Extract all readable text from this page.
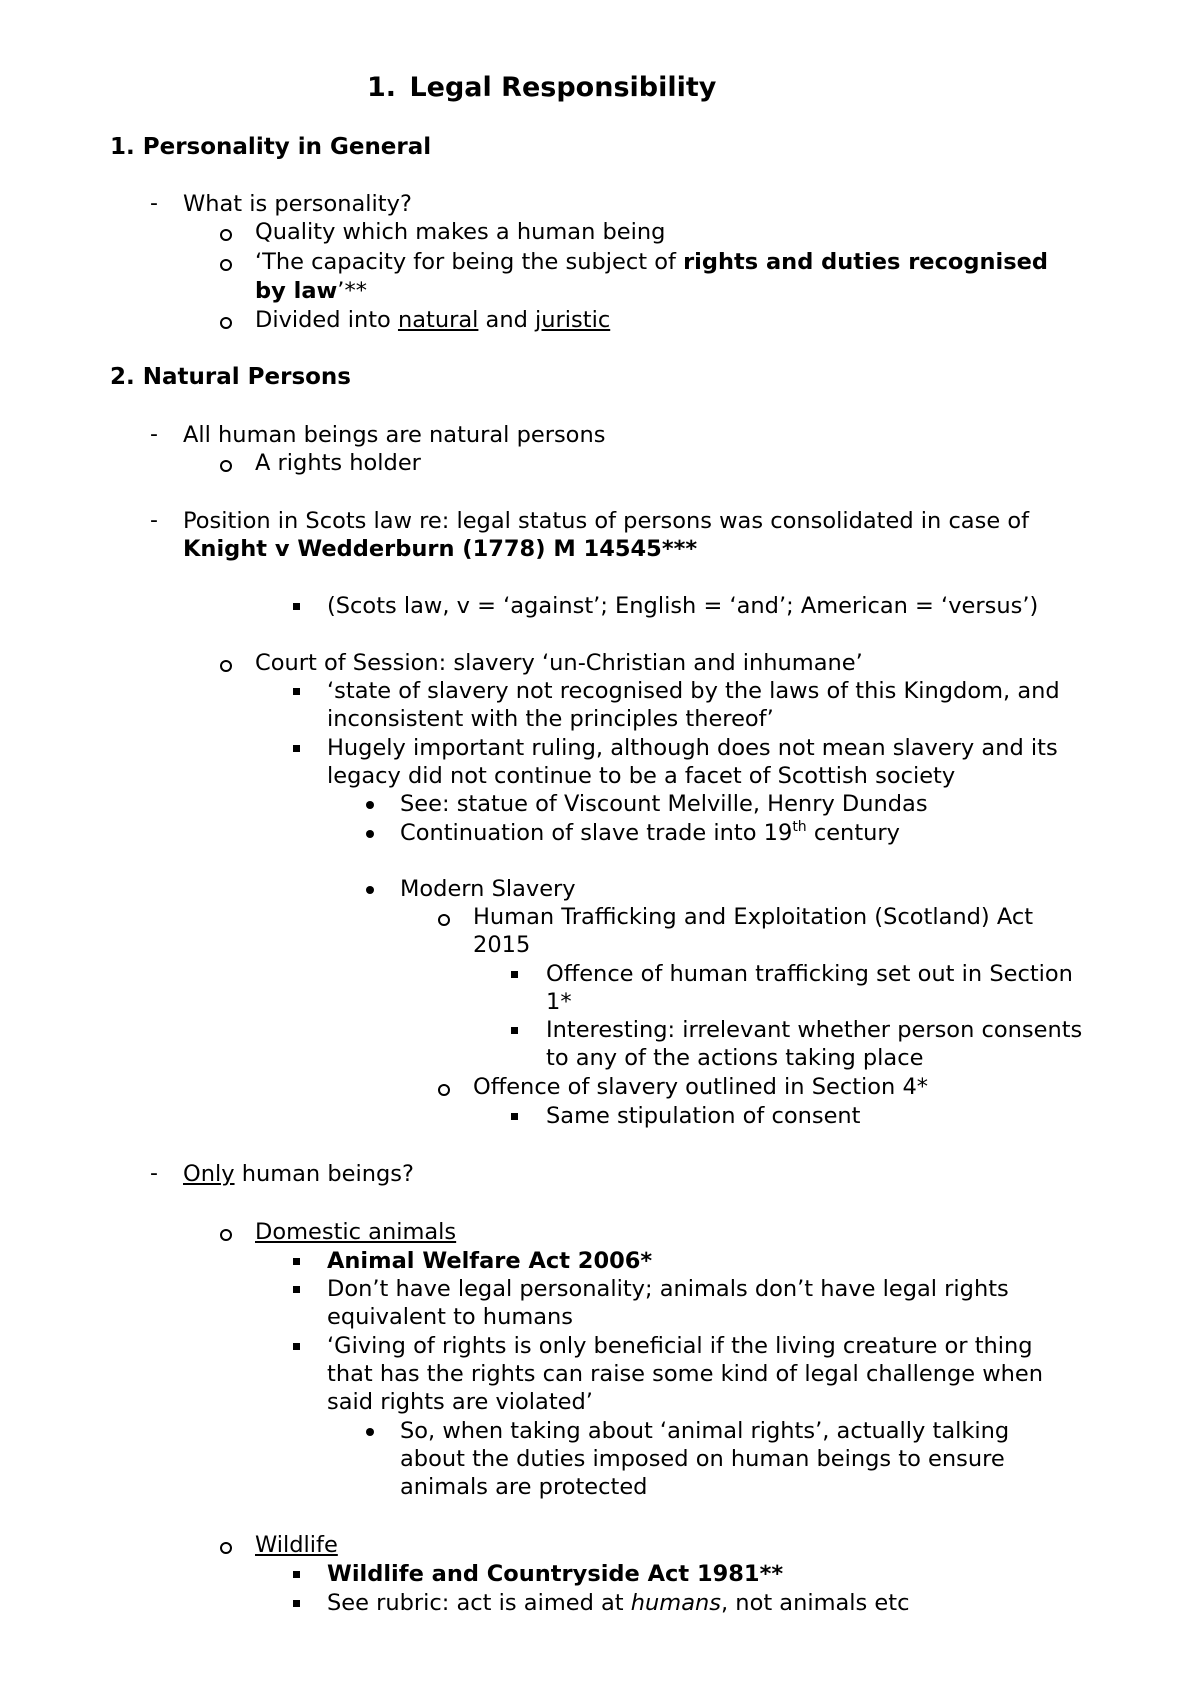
1. Legal Responsibility
1. Personality in General
- What is personality?
Quality which makes a human being
‘The capacity for being the subject of rights and duties recognised
by law’**
Divided into natural and juristic
2. Natural Persons
- All human beings are natural persons
A rights holder
- Position in Scots law re: legal status of persons was consolidated in case of
Knight v Wedderburn (1778) M 14545***
(Scots law, v = ‘against’; English = ‘and’; American = ‘versus’)
Court of Session: slavery ‘un-Christian and inhumane’
‘state of slavery not recognised by the laws of this Kingdom, and
inconsistent with the principles thereof’
Hugely important ruling, although does not mean slavery and its
legacy did not continue to be a facet of Scottish society
See: statue of Viscount Melville, Henry Dundas
Continuation of slave trade into 19th century
Modern Slavery
Human Trafficking and Exploitation (Scotland) Act
2015
Offence of human trafficking set out in Section
1*
Interesting: irrelevant whether person consents
to any of the actions taking place
Offence of slavery outlined in Section 4*
Same stipulation of consent
- Only human beings?
Domestic animals
Animal Welfare Act 2006*
Don’t have legal personality; animals don’t have legal rights
equivalent to humans
‘Giving of rights is only beneficial if the living creature or thing
that has the rights can raise some kind of legal challenge when
said rights are violated’
So, when taking about ‘animal rights’, actually talking
about the duties imposed on human beings to ensure
animals are protected
Wildlife
Wildlife and Countryside Act 1981**
See rubric: act is aimed at humans, not animals etc
